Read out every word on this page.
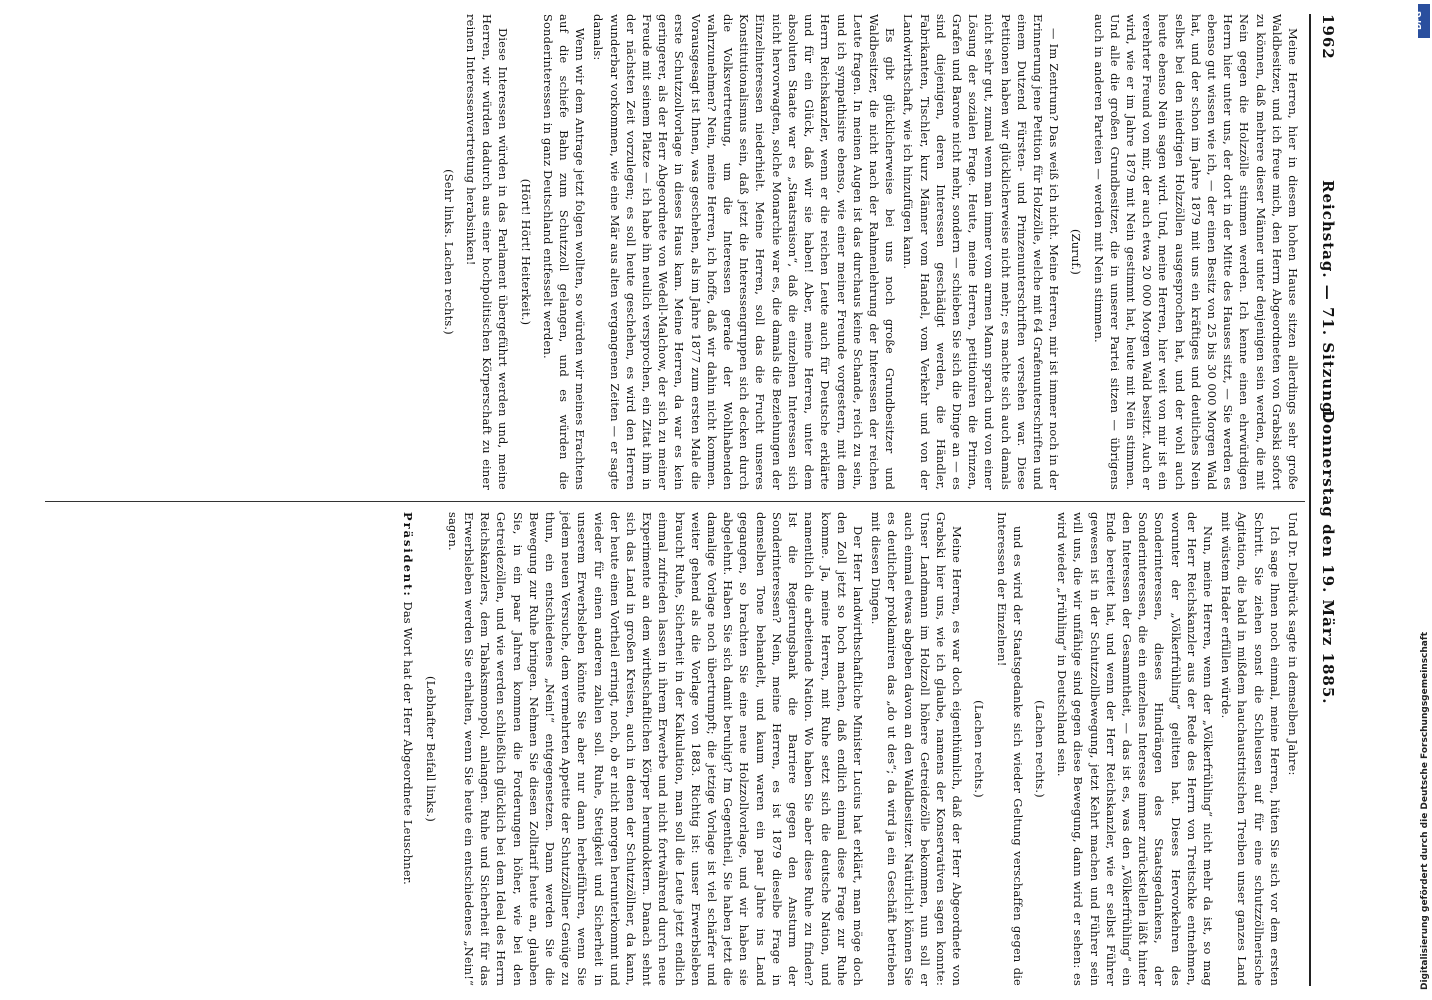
1962
Reichstag. — 71. Sitzung.
Donnerstag den 19. März 1885.

Meine Herren, hier in diesem hohen Hause sitzen allerdings sehr große Waldbesitzer, und ich freue mich, den Herrn Abgeordneten von Grabski sofort zu können, daß mehrere dieser Männer unter denjenigen sein werden, die mit Nein gegen die Holzzölle stimmen werden. Ich kenne einen ehrwürdigen Herrn hier unter uns, der dort in der Mitte des Hauses sitzt, — Sie werden es ebenso gut wissen wie ich, — der einen Besitz von 25 bis 30 000 Morgen Wald hat, und der schon im Jahre 1879 mit uns ein kräftiges und deutliches Nein selbst bei den niedrigen Holzzöllen ausgesprochen hat, und der wohl auch heute ebenso Nein sagen wird. Und, meine Herren, hier weit von mir ist ein verehrter Freund von mir, der auch etwa 20 000 Morgen Wald besitzt. Auch er wird, wie er im Jahre 1879 mit Nein gestimmt hat, heute mit Nein stimmen. Und alle die großen Grundbesitzer, die in unserer Partei sitzen — übrigens auch in anderen Parteien — werden mit Nein stimmen.

(Zuruf.)

— Im Zentrum? Das weiß ich nicht. Meine Herren, mir ist immer noch in der Erinnerung jene Petition für Holzzölle, welche mit 64 Grafenunterschriften und einem Dutzend Fürsten- und Prinzenunterschriften versehen war. Diese Petitionen haben wir glücklicherweise nicht mehr; es machte sich auch damals nicht sehr gut, zumal wenn man immer vom armen Mann sprach und von einer Lösung der sozialen Frage. Heute, meine Herren, petitioniren die Prinzen, Grafen und Barone nicht mehr, sondern — schieben Sie sich die Dinge an — es sind diejenigen, deren Interessen geschädigt werden, die Händler, Fabrikanten, Tischler, kurz Männer vom Handel, vom Verkehr und von der Landwirthschaft, wie ich hinzufügen kann.

Es gibt glücklicherweise bei uns noch große Grundbesitzer und Waldbesitzer, die nicht nach der Rahmenlehrung der Interessen der reichen Leute fragen. In meinen Augen ist das durchaus keine Schande, reich zu sein, und ich sympathisire ebenso, wie einer meiner Freunde vorgestern, mit dem Herrn Reichskanzler, wenn er die reichen Leute auch für Deutsche erklärte und für ein Glück, daß wir sie haben! Aber, meine Herren, unter dem absoluten Staate war es „Staatsraison“, daß die einzelnen Interessen sich nicht hervorwagten, solche Monarchie war es, die damals die Beziehungen der Einzelinteressen niederhielt. Meine Herren, soll das die Frucht unseres Konstitutionalismus sein, daß jetzt die Interessengruppen sich decken durch die Volksvertretung, um die Interessen gerade der Wohlhabenden wahrzunehmen? Nein, meine Herren, ich hoffe, daß wir dahin nicht kommen. Vorausgesagt ist Ihnen, was geschehen, als im Jahre 1877 zum ersten Male die erste Schutzzollvorlage in dieses Haus kam. Meine Herren, da war es kein geringerer, als der Herr Abgeordnete von Wedell-Malchow, der sich zu meiner Freude mit seinem Platze — ich habe ihn neulich versprochen, ein Zitat ihm in der nächsten Zeit vorzulegen; es soll heute geschehen, es wird den Herren wunderbar vorkommen, wie eine Mär aus alten vergangenen Zeiten — er sagte damals:

Wenn wir dem Antrage jetzt folgen wollten, so würden wir meines Erachtens auf die schiefe Bahn zum Schutzzoll gelangen, und es würden die Sonderinteressen in ganz Deutschland entfesselt werden.

(Hört! Hört! Heiterkeit.)

Diese Interessen würden in das Parlament übergeführt werden und, meine Herren, wir würden dadurch aus einer hochpolitischen Körperschaft zu einer reinen Interessenvertretung herabsinken!

(Sehr links. Lachen rechts.)

Und Dr. Delbrück sagte in demselben Jahre:

Ich sage Ihnen noch einmal, meine Herren, hüten Sie sich vor dem ersten Schritt. Sie ziehen sonst die Schleusen auf für eine schutzzöllnerische Agitation, die bald in mißdem hauchaustritsichen Treiben unser ganzes Land mit wüstem Hader erfüllen würde.

Nun, meine Herren, wenn der „Völkerfrühling“ nicht mehr da ist, so mag der Herr Reichskanzler aus der Rede des Herrn von Treitschke entnehmen, worunter der „Völkerfrühling“ gelitten hat. Dieses Hervorkehren des Sonderinteressen, dieses Hindrängen des Staatsgedankens, der Sonderinteressen, die ein einzelnes Interesse immer zurückstellen läßt hinter den Interessen der Gesammtheit, — das ist es, was den „Völkerfrühling“ ein Ende bereitet hat, und wenn der Herr Reichskanzler, wie er selbst Führer gewesen ist in der Schutzzollbewegung, jetzt Kehrt machen und Führer sein will uns, die wir unfähige sind gegen diese Bewegung, dann wird er sehen: es wird wieder „Frühling“ in Deutschland sein.

(Lachen rechts.)

und es wird der Staatsgedanke sich wieder Geltung verschaffen gegen die Interessen der Einzelnen!

(Lachen rechts.)

Meine Herren, es war doch eigenthümlich, daß der Herr Abgeordnete von Grabski hier uns, wie ich glaube, namens der Konservativen sagen konnte: Unser Landmann im Holzzoll höhere Getreidezölle bekommen, nun soll er auch einmal etwas abgeben davon an den Waldbesitzer. Natürlich! können Sie es deutlicher proklamiren das „do ut des“; da wird ja ein Geschäft betrieben mit diesen Dingen.

Der Herr landwirthschaftliche Minister Lucius hat erklärt, man möge doch den Zoll jetzt so hoch machen, daß endlich einmal diese Frage zur Ruhe komme. Ja, meine Herren, mit Ruhe setzt sich die deutsche Nation, und namentlich die arbeitende Nation. Wo haben Sie aber diese Ruhe zu finden? Ist die Regierungsbank die Barriere gegen den Ansturm der Sonderinteressen? Nein, meine Herren, es ist 1879 dieselbe Frage in demselben Tone behandelt, und kaum waren ein paar Jahre ins Land gegangen, so brachten Sie eine neue Holzzollvorlage, und wir haben sie abgelehnt. Haben Sie sich damit beruhigt? Im Gegentheil, Sie haben jetzt die damalige Vorlage noch übertrumpft; die jetzige Vorlage ist viel schärfer und weiter gehend als die Vorlage von 1883. Richtig ist: unser Erwerbsleben braucht Ruhe, Sicherheit in der Kalkulation, man soll die Leute jetzt endlich einmal zufrieden lassen in ihrem Erwerbe und nicht fortwährend durch neue Experimente an dem wirthschaftlichen Körper herumdoktern. Danach sehnt sich das Land in großen Kreisen, auch in denen der Schutzzöllner, da kann, der heute einen Vortheil erringt, noch, ob er nicht morgen herunterkommt und wieder für einen anderen zahlen soll. Ruhe, Stetigkeit und Sicherheit in unserem Erwerbsleben könnte Sie aber nur dann herbeiführen, wenn Sie jedem neuen Versuche, dem vermehrten Appetite der Schutzzöllner Genüge zu thun, ein entschiedenes „Nein!“ entgegensetzen. Dann werden Sie die Bewegung zur Ruhe bringen. Nehmen Sie diesen Zolltarif heute an, glauben Sie, in ein paar Jahren kommen die Forderungen höher, wie bei den Getreidezöllen, und wie werden schließlich glücklich bei dem Ideal des Herrn Reichskanzlers, dem Tabaksmonopol, anlangen. Ruhe und Sicherheit für das Erwerbsleben werden Sie erhalten, wenn Sie heute ein entschiedenes „Nein!“ sagen.

(Lebhafter Beifall links.)

Präsident: Das Wort hat der Herr Abgeordnete Leuschner.	Digitalisierung gefördert durch die Deutsche Forschungsgemeinschaft
DFG
